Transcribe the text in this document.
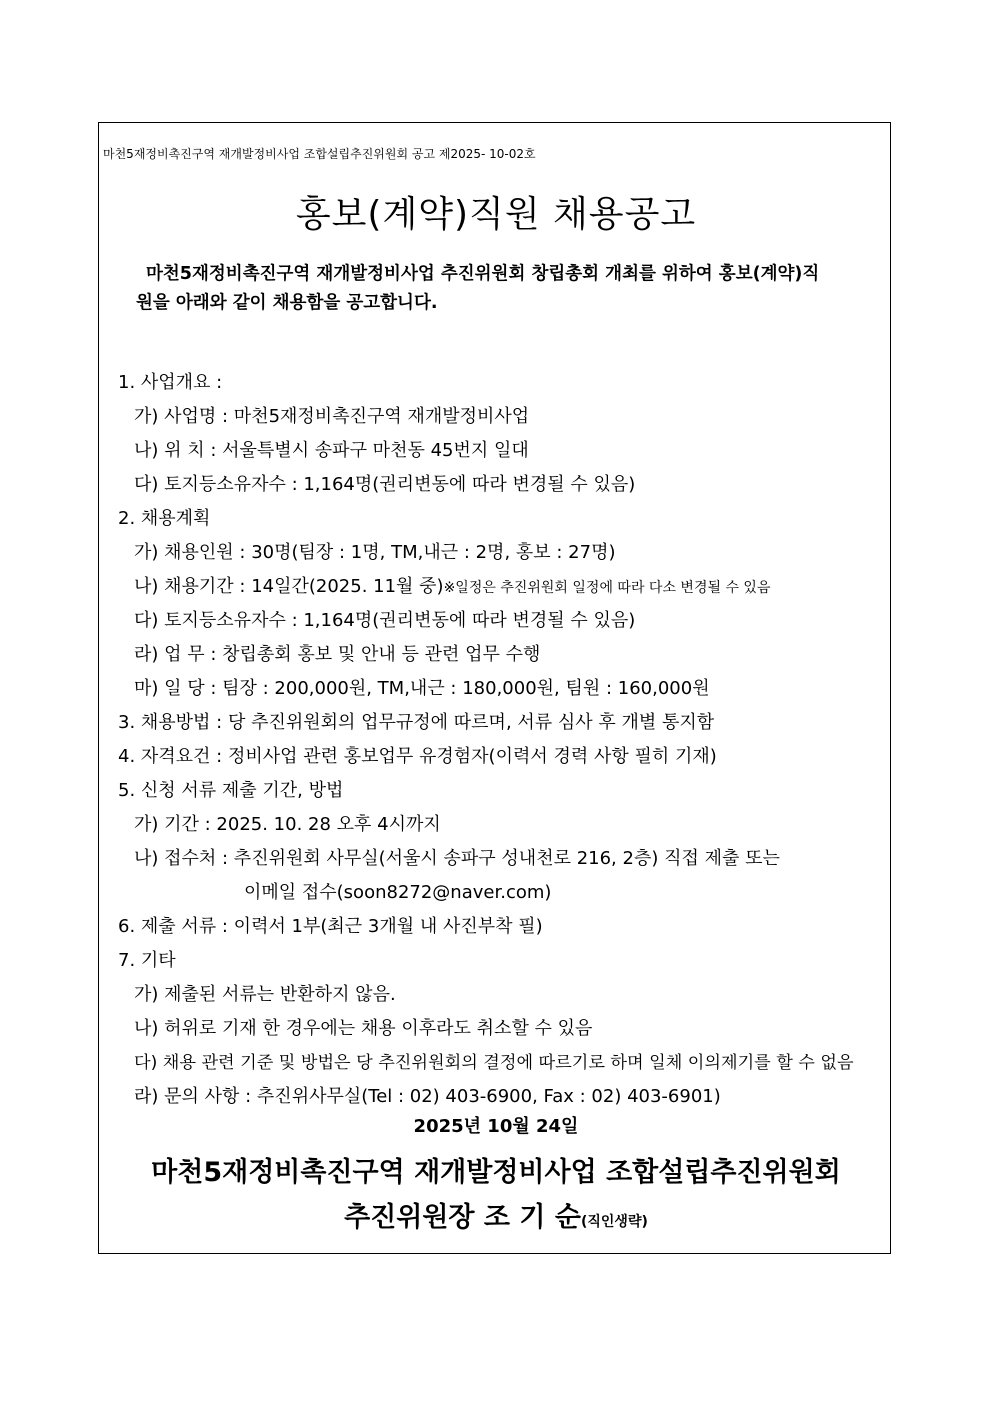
마천5재정비촉진구역 재개발정비사업 조합설립추진위원회 공고 제2025- 10-02호
홍보(계약)직원 채용공고
마천5재정비촉진구역 재개발정비사업 추진위원회 창립총회 개최를 위하여 홍보(계약)직
원을 아래와 같이 채용함을 공고합니다.
1. 사업개요 :
가) 사업명 : 마천5재정비촉진구역 재개발정비사업
나) 위 치 : 서울특별시 송파구 마천동 45번지 일대
다) 토지등소유자수 : 1,164명(권리변동에 따라 변경될 수 있음)
2. 채용계획
가) 채용인원 : 30명(팀장 : 1명, TM,내근 : 2명, 홍보 : 27명)
나) 채용기간 : 14일간(2025. 11월 중)※일정은 추진위원회 일정에 따라 다소 변경될 수 있음
다) 토지등소유자수 : 1,164명(권리변동에 따라 변경될 수 있음)
라) 업 무 : 창립총회 홍보 및 안내 등 관련 업무 수행
마) 일 당 : 팀장 : 200,000원, TM,내근 : 180,000원, 팀원 : 160,000원
3. 채용방법 : 당 추진위원회의 업무규정에 따르며, 서류 심사 후 개별 통지함
4. 자격요건 : 정비사업 관련 홍보업무 유경험자(이력서 경력 사항 필히 기재)
5. 신청 서류 제출 기간, 방법
가) 기간 : 2025. 10. 28 오후 4시까지
나) 접수처 : 추진위원회 사무실(서울시 송파구 성내천로 216, 2층) 직접 제출 또는
이메일 접수(soon8272@naver.com)
6. 제출 서류 : 이력서 1부(최근 3개월 내 사진부착 필)
7. 기타
가) 제출된 서류는 반환하지 않음.
나) 허위로 기재 한 경우에는 채용 이후라도 취소할 수 있음
다) 채용 관련 기준 및 방법은 당 추진위원회의 결정에 따르기로 하며 일체 이의제기를 할 수 없음
라) 문의 사항 : 추진위사무실(Tel : 02) 403-6900, Fax : 02) 403-6901)
2025년 10월 24일
마천5재정비촉진구역 재개발정비사업 조합설립추진위원회
추진위원장 조 기 순(직인생략)
